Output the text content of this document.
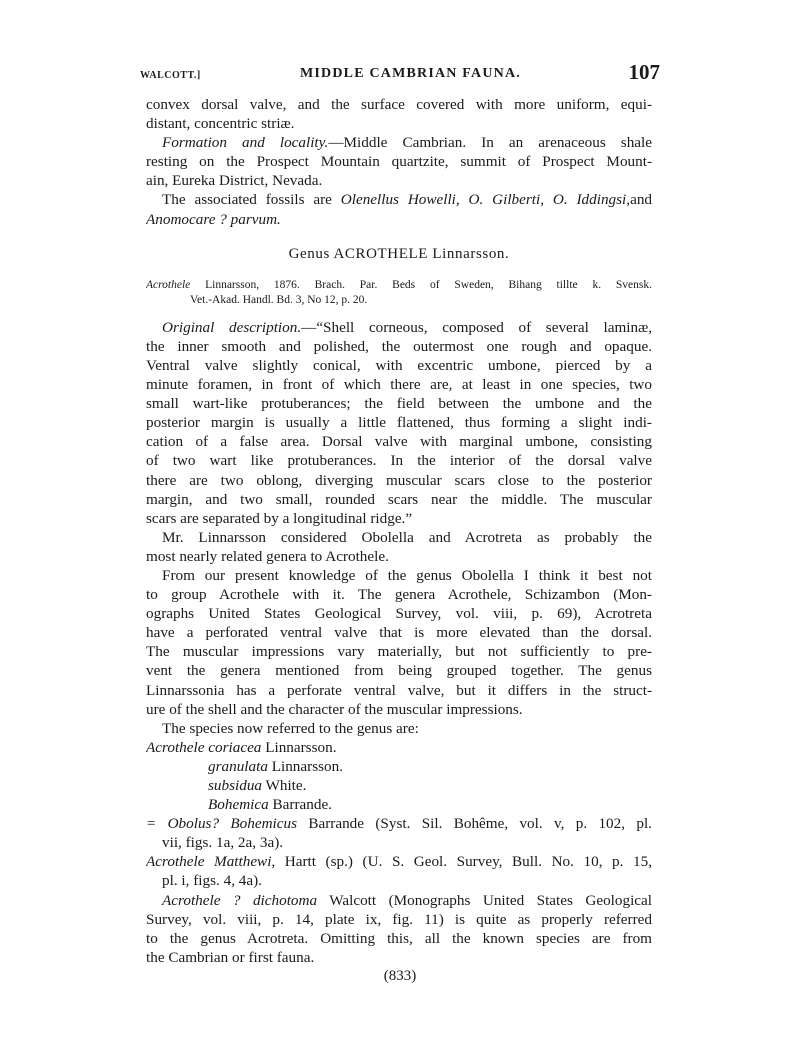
WALCOTT.]	MIDDLE CAMBRIAN FAUNA.	107
convex dorsal valve, and the surface covered with more uniform, equi-
distant, concentric striæ.
Formation and locality.—Middle Cambrian. In an arenaceous shale
resting on the Prospect Mountain quartzite, summit of Prospect Mount-
ain, Eureka District, Nevada.
The associated fossils are Olenellus Howelli, O. Gilberti, O. Iddingsi,and
Anomocare ? parvum.
Genus ACROTHELE Linnarsson.
Acrothele Linnarsson, 1876. Brach. Par. Beds of Sweden, Bihang tillte k. Svensk.
Vet.-Akad. Handl. Bd. 3, No 12, p. 20.
Original description.—“Shell corneous, composed of several laminæ,
the inner smooth and polished, the outermost one rough and opaque.
Ventral valve slightly conical, with excentric umbone, pierced by a
minute foramen, in front of which there are, at least in one species, two
small wart-like protuberances; the field between the umbone and the
posterior margin is usually a little flattened, thus forming a slight indi-
cation of a false area. Dorsal valve with marginal umbone, consisting
of two wart like protuberances. In the interior of the dorsal valve
there are two oblong, diverging muscular scars close to the posterior
margin, and two small, rounded scars near the middle. The muscular
scars are separated by a longitudinal ridge.”
Mr. Linnarsson considered Obolella and Acrotreta as probably the
most nearly related genera to Acrothele.
From our present knowledge of the genus Obolella I think it best not
to group Acrothele with it. The genera Acrothele, Schizambon (Mon-
ographs United States Geological Survey, vol. viii, p. 69), Acrotreta
have a perforated ventral valve that is more elevated than the dorsal.
The muscular impressions vary materially, but not sufficiently to pre-
vent the genera mentioned from being grouped together. The genus
Linnarssonia has a perforate ventral valve, but it differs in the struct-
ure of the shell and the character of the muscular impressions.
The species now referred to the genus are:
Acrothele coriacea Linnarsson.
granulata Linnarsson.
subsidua White.
Bohemica Barrande.
= Obolus? Bohemicus Barrande (Syst. Sil. Bohême, vol. v, p. 102, pl.
vii, figs. 1a, 2a, 3a).
Acrothele Matthewi, Hartt (sp.) (U. S. Geol. Survey, Bull. No. 10, p. 15,
pl. i, figs. 4, 4a).
Acrothele ? dichotoma Walcott (Monographs United States Geological
Survey, vol. viii, p. 14, plate ix, fig. 11) is quite as properly referred
to the genus Acrotreta. Omitting this, all the known species are from
the Cambrian or first fauna.
(833)
